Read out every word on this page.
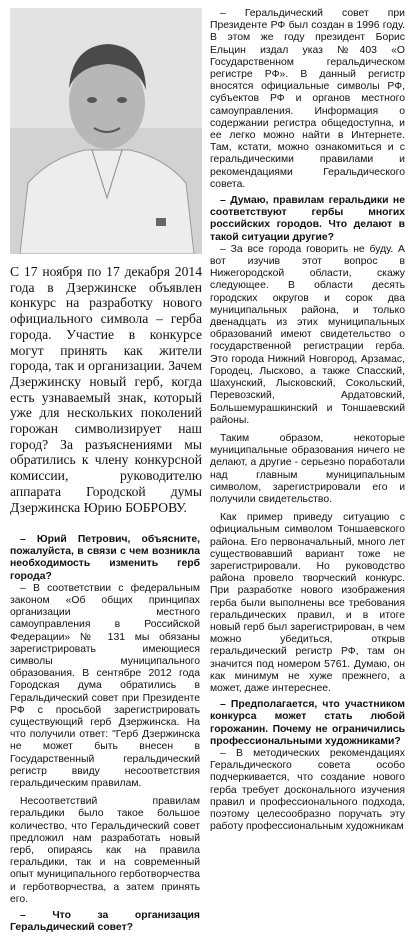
С 17 ноября по 17 декабря 2014 года в Дзержинске объявлен конкурс на разработку нового официального символа – герба города. Участие в конкурсе могут принять как жители города, так и организации. Зачем Дзержинску новый герб, когда есть узнаваемый знак, который уже для нескольких поколений горожан символизирует наш город? За разъяснениями мы обратились к члену конкурсной комиссии, руководителю аппарата Городской думы Дзержинска Юрию БОБРОВУ.

– Юрий Петрович, объясните, пожалуйста, в связи с чем возникла необходимость изменить герб города?

– В соответствии с федеральным законом «Об общих принципах организации местного самоуправления в Российской Федерации» № 131 мы обязаны зарегистрировать имеющиеся символы муниципального образования. В сентябре 2012 года Городская дума обратились в Геральдический совет при Президенте РФ с просьбой зарегистрировать существующий герб Дзержинска. На что получили ответ: "Герб Дзержинска не может быть внесен в Государственный геральдический регистр ввиду несоответствия геральдическим правилам.

Несоответствий правилам геральдики было такое большое количество, что Геральдический совет предложил нам разработать новый герб, опираясь как на правила геральдики, так и на современный опыт муниципального герботворчества и герботворчества, а затем принять его.

– Что за организация Геральдический совет?

– Геральдический совет при Президенте РФ был создан в 1996 году. В этом же году президент Борис Ельцин издал указ №403 «О Государственном геральдическом регистре РФ». В данный регистр вносятся официальные символы РФ, субъектов РФ и органов местного самоуправления. Информация о содержании регистра общедоступна, и ее легко можно найти в Интернете. Там, кстати, можно ознакомиться и с геральдическими правилами и рекомендациями Геральдического совета.

– Думаю, правилам геральдики не соответствуют гербы многих российских городов. Что делают в такой ситуации другие?

– За все города говорить не буду. А вот изучив этот вопрос в Нижегородской области, скажу следующее. В области десять городских округов и сорок два муниципальных района, и только двенадцать из этих муниципальных образований имеют свидетельство о государственной регистрации герба. Это города Нижний Новгород, Арзамас, Городец, Лысково, а также Спасский, Шахунский, Лысковский, Сокольский, Перевозский, Ардатовский, Большемурашкинский и Тоншаевский районы.

Таким образом, некоторые муниципальные образования ничего не делают, а другие - серьезно поработали над главным муниципальным символом, зарегистрировали его и получили свидетельство.

Как пример приведу ситуацию с официальным символом Тоншаевского района. Его первоначальный, много лет существовавший вариант тоже не зарегистрировали. Но руководство района провело творческий конкурс. При разработке нового изображения герба были выполнены все требования геральдических правил, и в итоге новый герб был зарегистрирован, в чем можно убедиться, открыв геральдический регистр РФ, там он значится под номером 5761. Думаю, он как минимум не хуже прежнего, а может, даже интереснее.

– Предполагается, что участником конкурса может стать любой горожанин. Почему не ограничились профессиональными художниками?

– В методических рекомендациях Геральдического совета особо подчеркивается, что создание нового герба требует досконального изучения правил и профессионального подхода, поэтому целесообразно поручать эту работу профессиональным художникам
